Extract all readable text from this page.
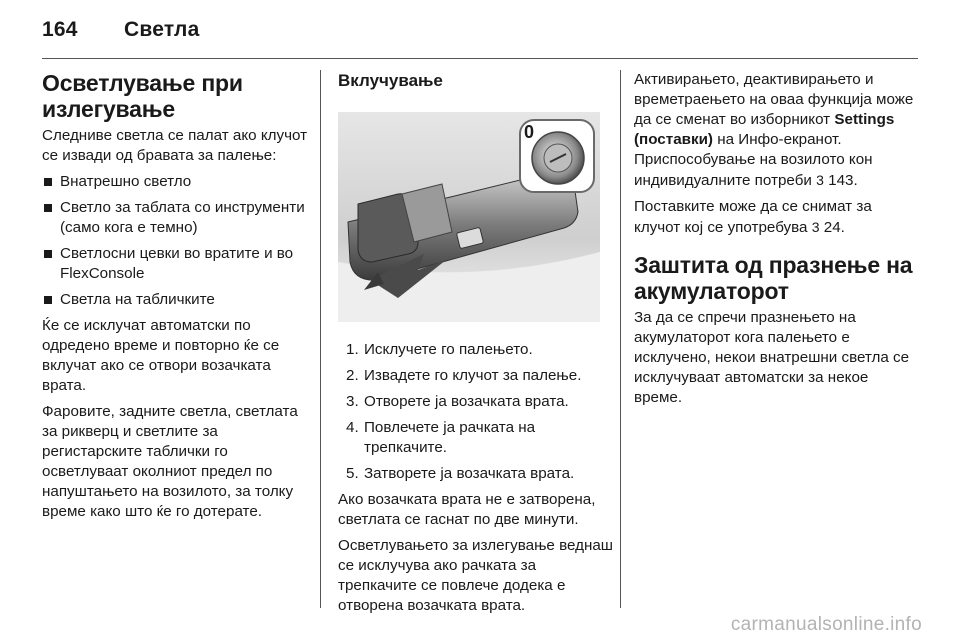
164 Светла
Осветлување при излегување

Следниве светла се палат ако клучот се извади од бравата за палење:

Внатрешно светло
Светло за таблата со инструменти (само кога е темно)
Светлосни цевки во вратите и во FlexConsole
Светла на табличките

Ќе се исклучат автоматски по одредено време и повторно ќе се вклучат ако се отвори возачката врата.

Фаровите, задните светла, светлата за рикверц и светлите за регистарските таблички го осветлуваат околниот предел по напуштањето на возилото, за толку време како што ќе го дотерате.

Вклучување
0
1. Исклучете го палењето.
2. Извадете го клучот за палење.
3. Отворете ја возачката врата.
4. Повлечете ја рачката на трепкачите.
5. Затворете ја возачката врата.

Ако возачката врата не е затворена, светлата се гаснат по две минути.

Осветлувањето за излегување веднаш се исклучува ако рачката за трепкачите се повлече додека е отворена возачката врата.

Активирањето, деактивирањето и времетраењето на оваа функција може да се сменат во изборникот Settings (поставки) на Инфо-екранот. Приспособување на возилото кон индивидуалните потреби 3 143.

Поставките може да се снимат за клучот кој се употребува 3 24.

Заштита од празнење на акумулаторот

За да се спречи празнењето на акумулаторот кога палењето е исклучено, некои внатрешни светла се исклучуваат автоматски за некое време.

carmanualsonline.info
